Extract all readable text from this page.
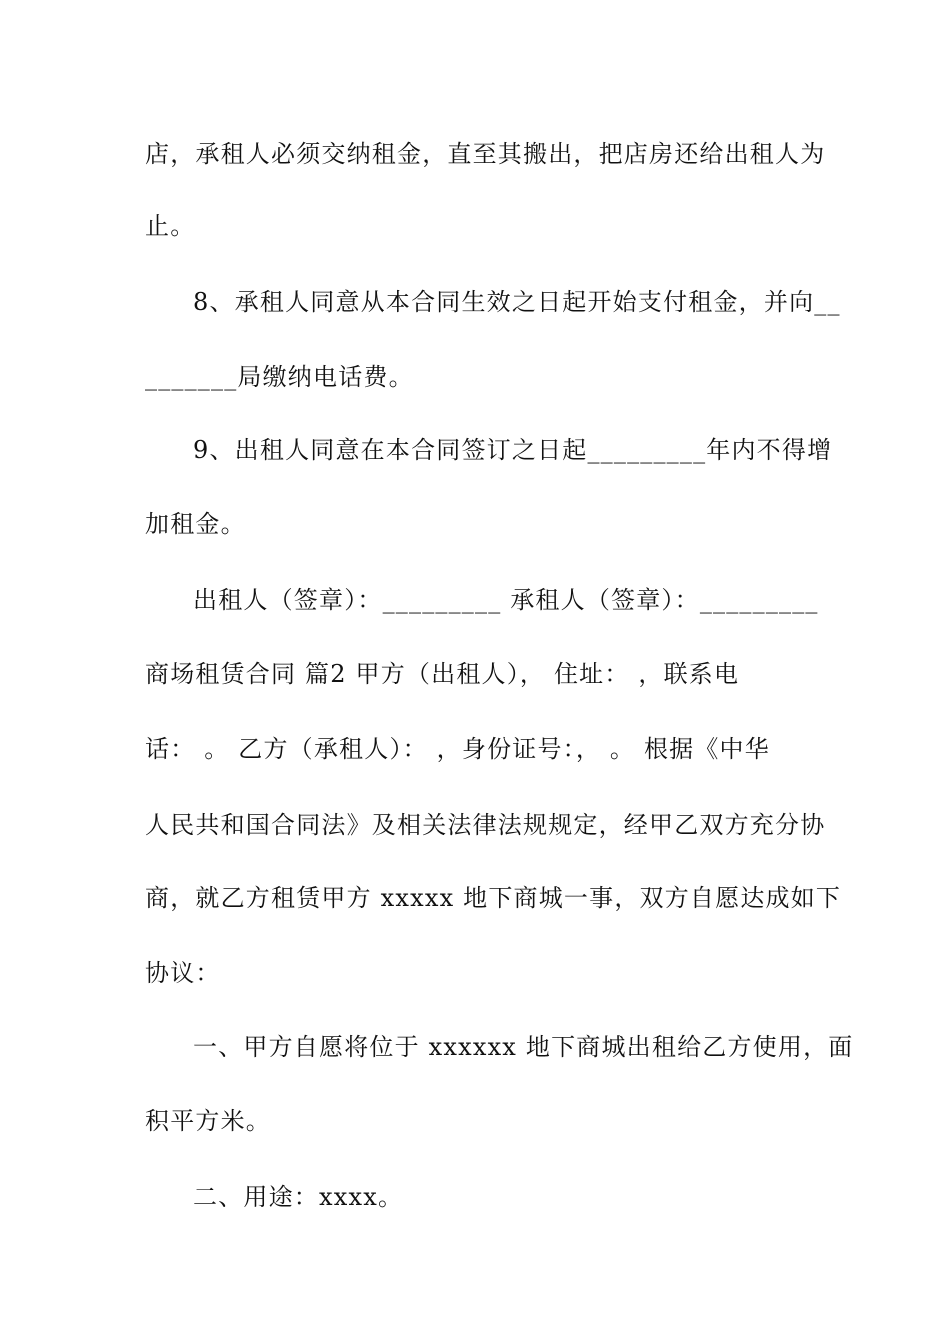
店，承租人必须交纳租金，直至其搬出，把店房还给出租人为
止。
8、承租人同意从本合同生效之日起开始支付租金，并向__
_______局缴纳电话费。
9、出租人同意在本合同签订之日起_________年内不得增
加租金。
出租人（签章）：_________ 承租人（签章）：_________
商场租赁合同 篇2 甲方（出租人）， 住址： ，联系电
话： 。 乙方（承租人）： ，身份证号：， 。 根据《中华
人民共和国合同法》及相关法律法规规定，经甲乙双方充分协
商，就乙方租赁甲方 xxxxx 地下商城一事，双方自愿达成如下
协议：
一、甲方自愿将位于 xxxxxx 地下商城出租给乙方使用，面
积平方米。
二、用途：xxxx。
